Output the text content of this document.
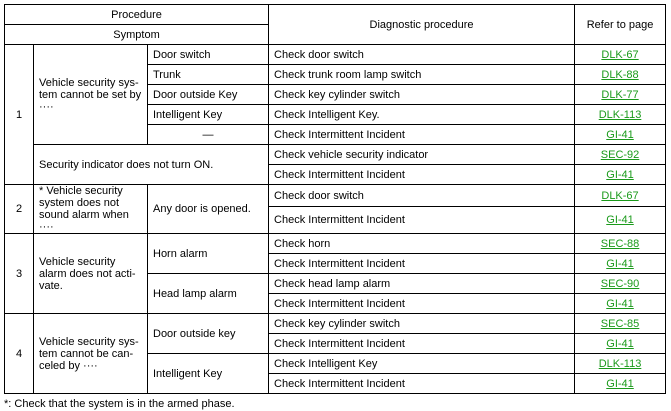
Procedure			Diagnostic procedure	Refer to page
Symptom				
1	Vehicle security sys-
tem cannot be set by
····	Door switch	Check door switch	DLK-67
		Trunk	Check trunk room lamp switch	DLK-88
		Door outside Key	Check key cylinder switch	DLK-77
		Intelligent Key	Check Intelligent Key.	DLK-113
		—	Check Intermittent Incident	GI-41
	Security indicator does not turn ON.		Check vehicle security indicator	SEC-92
			Check Intermittent Incident	GI-41
2	* Vehicle security
system does not
sound alarm when ····	Any door is opened.	Check door switch	DLK-67
			Check Intermittent Incident	GI-41
3	Vehicle security
alarm does not acti-
vate.	Horn alarm	Check horn	SEC-88
			Check Intermittent Incident	GI-41
		Head lamp alarm	Check head lamp alarm	SEC-90
			Check Intermittent Incident	GI-41
4	Vehicle security sys-
tem cannot be can-
celed by ····	Door outside key	Check key cylinder switch	SEC-85
			Check Intermittent Incident	GI-41
		Intelligent Key	Check Intelligent Key	DLK-113
			Check Intermittent Incident	GI-41
*: Check that the system is in the armed phase.
